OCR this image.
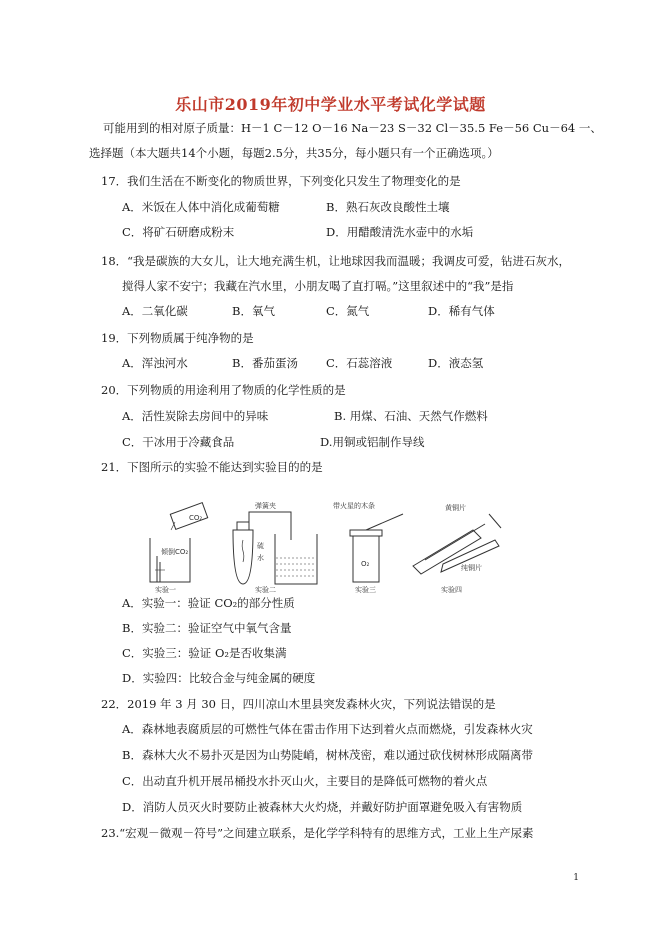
乐山市2019年初中学业水平考试化学试题
可能用到的相对原子质量：H－1 C－12 O－16 Na－23 S－32 Cl－35.5 Fe－56 Cu－64 一、
选择题（本大题共14个小题，每题2.5分，共35分，每小题只有一个正确选项。）
17．我们生活在不断变化的物质世界，下列变化只发生了物理变化的是
A．米饭在人体中消化成葡萄糖	B．熟石灰改良酸性土壤
C．将矿石研磨成粉末	D．用醋酸清洗水壶中的水垢
18．“我是碳族的大女儿，让大地充满生机，让地球因我而温暖；我调皮可爱，钻进石灰水，
搅得人家不安宁；我藏在汽水里，小朋友喝了直打嗝。”这里叙述中的“我”是指
A．二氧化碳	B．氧气	C．氮气	D．稀有气体
19．下列物质属于纯净物的是
A．浑浊河水	B．番茄蛋汤 C．石蕊溶液	D．液态氢
20．下列物质的用途利用了物质的化学性质的是
A．活性炭除去房间中的异味	B. 用煤、石油、天然气作燃料
C．干冰用于冷藏食品	D.用铜或铝制作导线
21．下图所示的实验不能达到实验目的的是
实验一	实验二	实验三	实验四
CO₂
倾倒CO₂
弹簧夹
硫
水
带火星的木条
O₂
黄铜片
纯铜片
A．实验一：验证 CO₂的部分性质
B．实验二：验证空气中氧气含量
C．实验三：验证 O₂是否收集满
D．实验四：比较合金与纯金属的硬度
22．2019 年 3 月 30 日，四川凉山木里县突发森林火灾，下列说法错误的是
A．森林地表腐质层的可燃性气体在雷击作用下达到着火点而燃烧，引发森林火灾
B．森林大火不易扑灭是因为山势陡峭，树林茂密，难以通过砍伐树林形成隔离带
C．出动直升机开展吊桶投水扑灭山火，主要目的是降低可燃物的着火点
D．消防人员灭火时要防止被森林大火灼烧，并戴好防护面罩避免吸入有害物质
23.“宏观－微观－符号”之间建立联系，是化学学科特有的思维方式，工业上生产尿素
1
